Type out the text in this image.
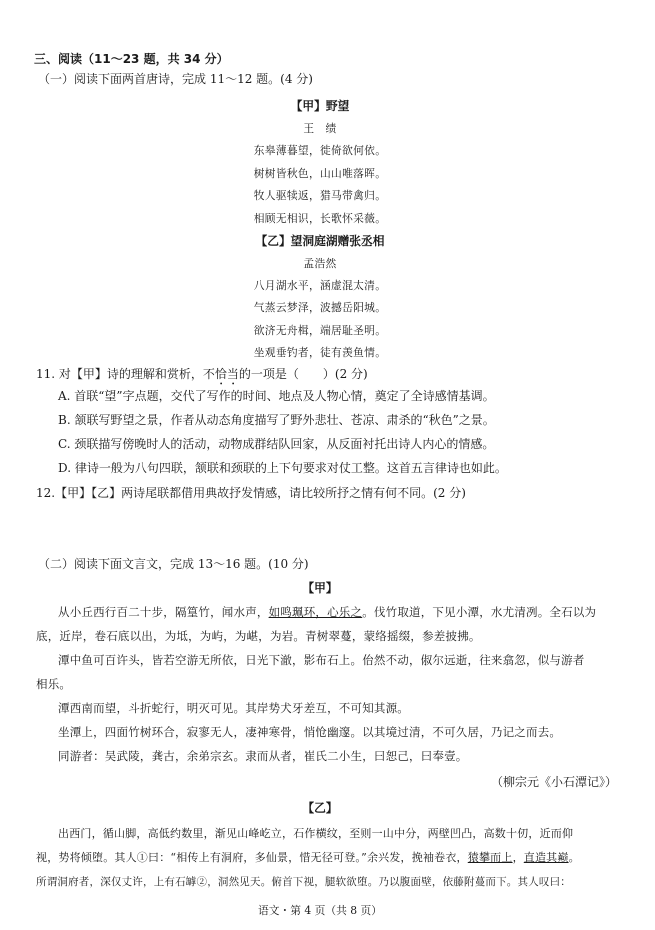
三、阅读（11～23 题，共 34 分）
（一）阅读下面两首唐诗，完成 11～12 题。(4 分)
【甲】野望
王　绩
东皋薄暮望，徙倚欲何依。
树树皆秋色，山山唯落晖。
牧人驱犊返，猎马带禽归。
相顾无相识，长歌怀采薇。
【乙】望洞庭湖赠张丞相
孟浩然
八月湖水平，涵虚混太清。
气蒸云梦泽，波撼岳阳城。
欲济无舟楫，端居耻圣明。
坐观垂钓者，徒有羡鱼情。
11. 对【甲】诗的理解和赏析，不恰当的一项是（　　）(2 分)
A. 首联“望”字点题，交代了写作的时间、地点及人物心情，奠定了全诗感情基调。
B. 颔联写野望之景，作者从动态角度描写了野外悲壮、苍凉、肃杀的“秋色”之景。
C. 颈联描写傍晚时人的活动，动物成群结队回家，从反面衬托出诗人内心的情感。
D. 律诗一般为八句四联，颔联和颈联的上下句要求对仗工整。这首五言律诗也如此。
12.【甲】【乙】两诗尾联都借用典故抒发情感，请比较所抒之情有何不同。(2 分)
（二）阅读下面文言文，完成 13～16 题。(10 分)
【甲】
从小丘西行百二十步，隔篁竹，闻水声，如鸣珮环，心乐之。伐竹取道，下见小潭，水尤清冽。全石以为
底，近岸，卷石底以出，为坻，为屿，为嵁，为岩。青树翠蔓，蒙络摇缀，参差披拂。
潭中鱼可百许头，皆若空游无所依，日光下澈，影布石上。佁然不动，俶尔远逝，往来翕忽，似与游者
相乐。
潭西南而望，斗折蛇行，明灭可见。其岸势犬牙差互，不可知其源。
坐潭上，四面竹树环合，寂寥无人，凄神寒骨，悄怆幽邃。以其境过清，不可久居，乃记之而去。
同游者：吴武陵，龚古，余弟宗玄。隶而从者，崔氏二小生，曰恕己，曰奉壹。
（柳宗元《小石潭记》）
【乙】
出西门，循山脚，高低约数里，渐见山峰屹立，石作横纹，至则一山中分，两壁凹凸，高数十仞，近而仰
视，势将倾堕。其人①曰：“相传上有洞府，多仙景，惜无径可登。”余兴发，挽袖卷衣，猿攀而上，直造其巅。
所谓洞府者，深仅丈许，上有石罅②，洞然见天。俯首下视，腿软欲堕。乃以腹面壁，依藤附蔓而下。其人叹曰：
语文・第 4 页（共 8 页）
